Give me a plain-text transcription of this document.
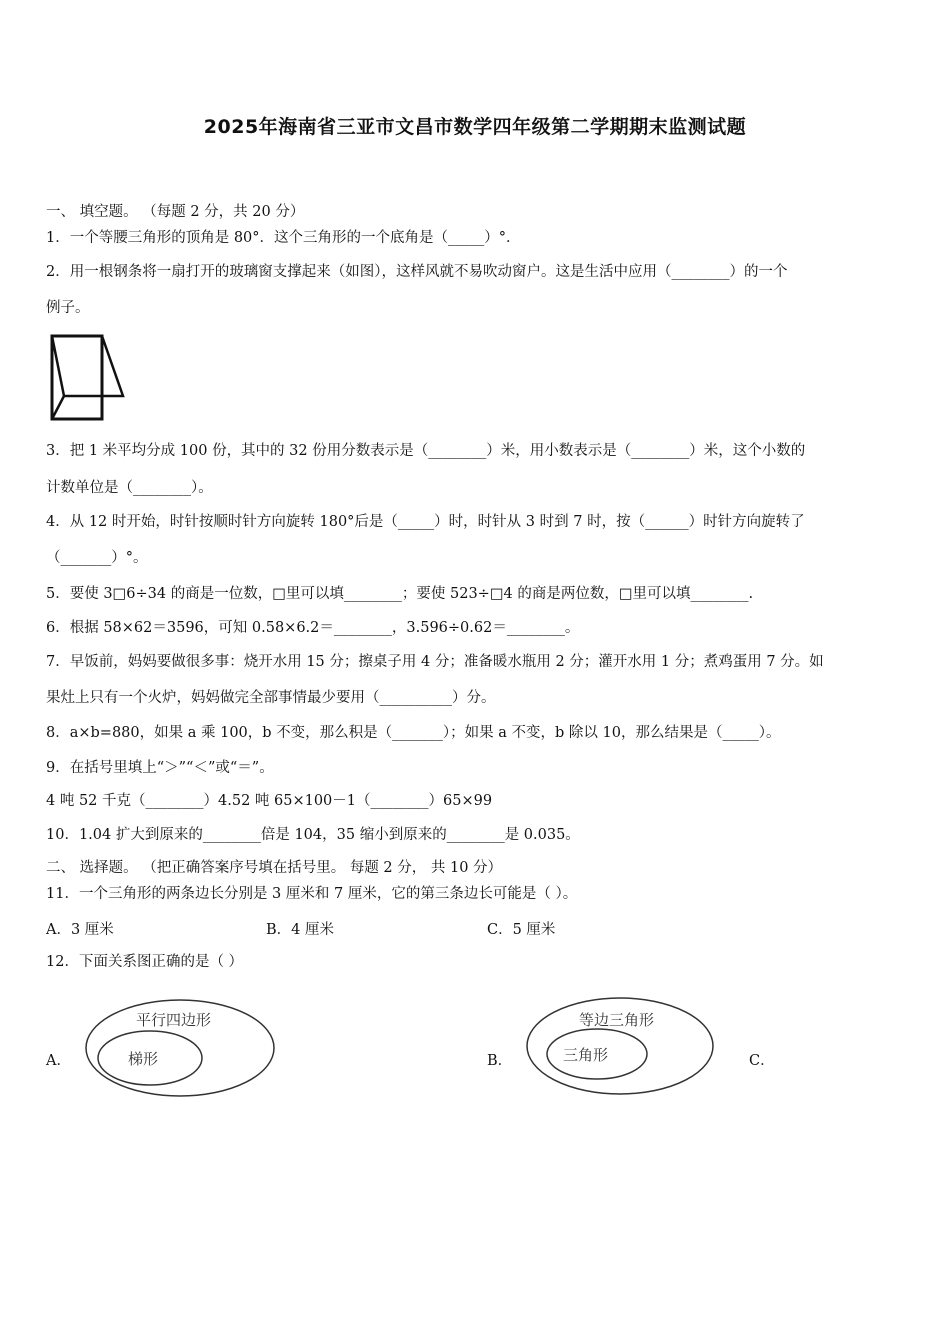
2025年海南省三亚市文昌市数学四年级第二学期期末监测试题
一、 填空题。 （每题 2 分，共 20 分）
1．一个等腰三角形的顶角是 80°．这个三角形的一个底角是（_____）°．
2．用一根钢条将一扇打开的玻璃窗支撑起来（如图），这样风就不易吹动窗户。这是生活中应用（________）的一个
例子。
3．把 1 米平均分成 100 份，其中的 32 份用分数表示是（________）米，用小数表示是（________）米，这个小数的
计数单位是（________）。
4．从 12 时开始，时针按顺时针方向旋转 180°后是（_____）时，时针从 3 时到 7 时，按（______）时针方向旋转了
（_______）°。
5．要使 3□6÷34 的商是一位数，□里可以填________；要使 523÷□4 的商是两位数，□里可以填________.
6．根据 58×62＝3596，可知 0.58×6.2＝________，3.596÷0.62＝________。
7．早饭前，妈妈要做很多事：烧开水用 15 分；擦桌子用 4 分；准备暖水瓶用 2 分；灌开水用 1 分；煮鸡蛋用 7 分。如
果灶上只有一个火炉，妈妈做完全部事情最少要用（__________）分。
8．a×b=880，如果 a 乘 100，b 不变，那么积是（_______）；如果 a 不变，b 除以 10，那么结果是（_____）。
9．在括号里填上“＞”“＜”或“＝”。
4 吨 52 千克（________）4.52 吨 65×100－1（________）65×99
10．1.04 扩大到原来的________倍是 104，35 缩小到原来的________是 0.035。
二、 选择题。 （把正确答案序号填在括号里。 每题 2 分， 共 10 分）
11．一个三角形的两条边长分别是 3 厘米和 7 厘米，它的第三条边长可能是（ ）。
A．3 厘米	B．4 厘米	C．5 厘米
12．下面关系图正确的是（ ）
A．
平行四边形
梯形	B．
等边三角形
三角形	C．
